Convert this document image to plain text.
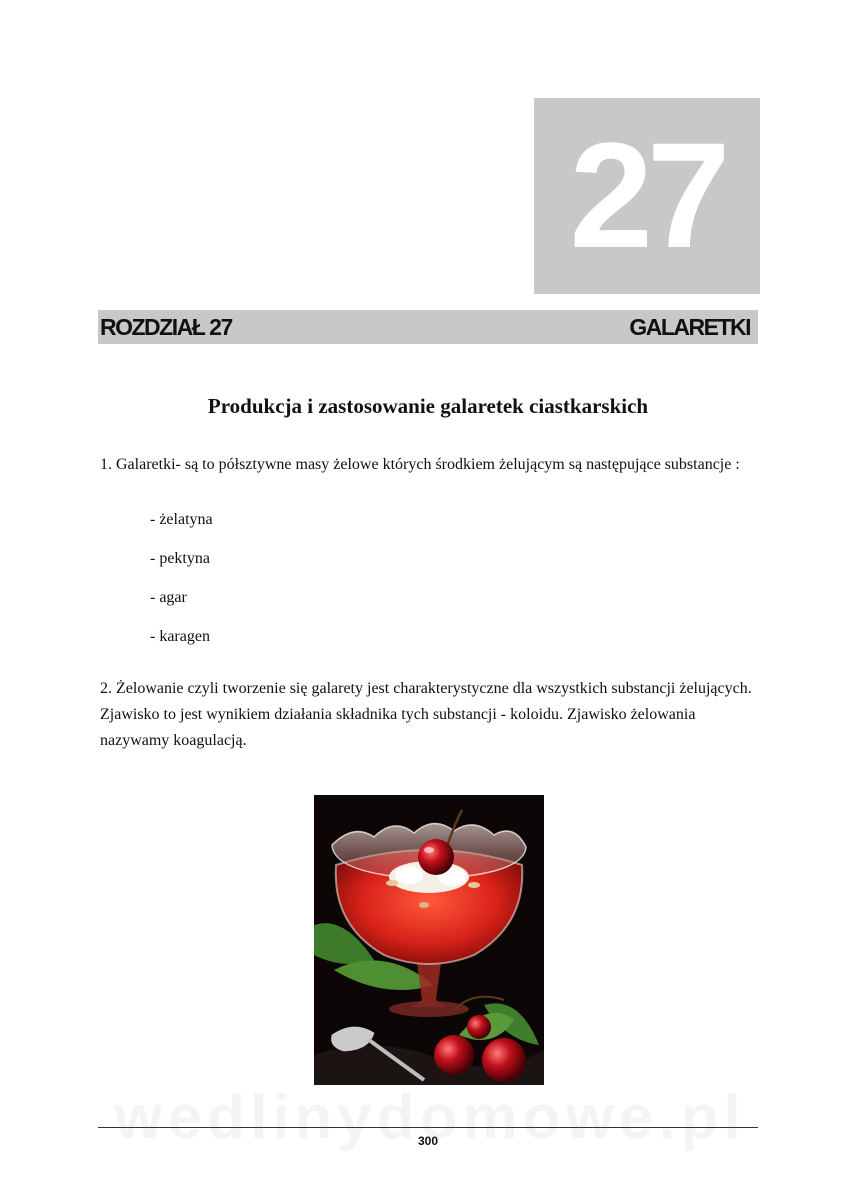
27
ROZDZIAŁ 27	GALARETKI
Produkcja i zastosowanie galaretek ciastkarskich

1. Galaretki- są to półsztywne masy żelowe których środkiem żelującym są następujące substancje :

- żelatyna
- pektyna
- agar
- karagen

2. Żelowanie czyli tworzenie się galarety jest charakterystyczne dla wszystkich substancji żelujących. Zjawisko to jest wynikiem działania składnika tych substancji - koloidu. Zjawisko żelowania nazywamy koagulacją.

300
